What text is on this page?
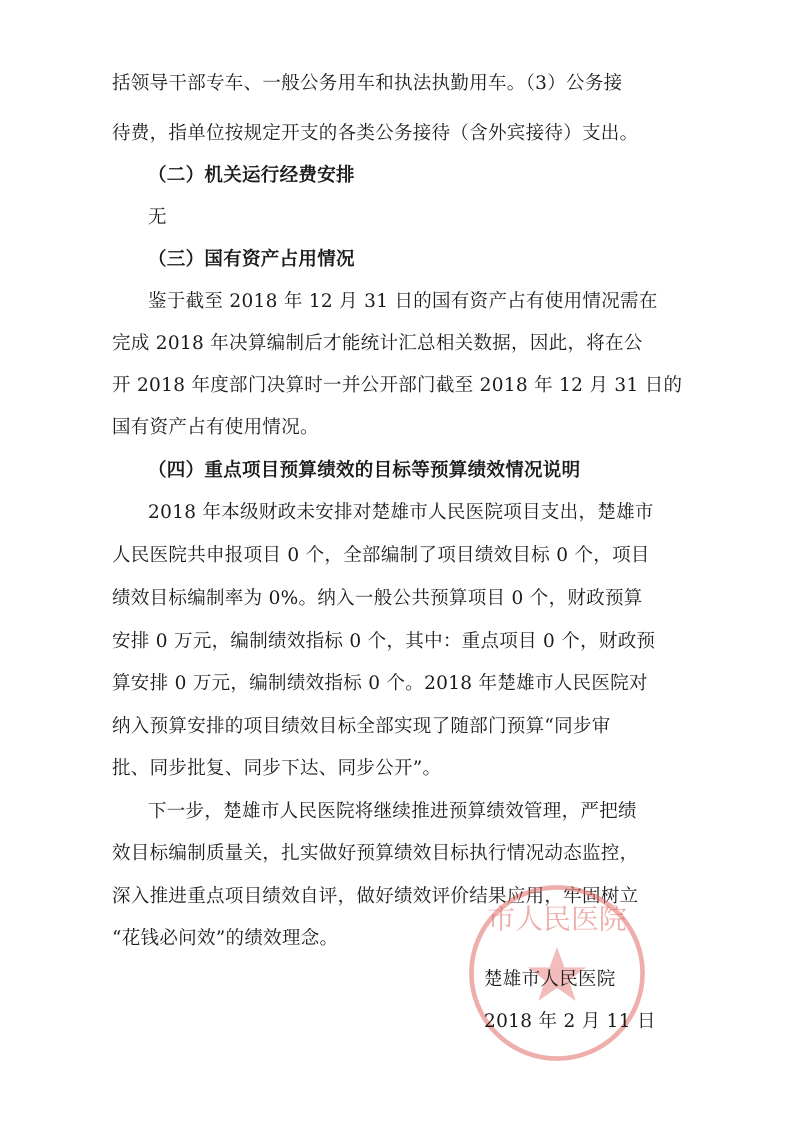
括领导干部专车、一般公务用车和执法执勤用车。（3）公务接
待费，指单位按规定开支的各类公务接待（含外宾接待）支出。
（二）机关运行经费安排
无
（三）国有资产占用情况
鉴于截至 2018 年 12 月 31 日的国有资产占有使用情况需在
完成 2018 年决算编制后才能统计汇总相关数据，因此，将在公
开 2018 年度部门决算时一并公开部门截至 2018 年 12 月 31 日的
国有资产占有使用情况。
（四）重点项目预算绩效的目标等预算绩效情况说明
2018 年本级财政未安排对楚雄市人民医院项目支出，楚雄市
人民医院共申报项目 0 个，全部编制了项目绩效目标 0 个，项目
绩效目标编制率为 0%。纳入一般公共预算项目 0 个，财政预算
安排 0 万元，编制绩效指标 0 个，其中：重点项目 0 个，财政预
算安排 0 万元，编制绩效指标 0 个。2018 年楚雄市人民医院对
纳入预算安排的项目绩效目标全部实现了随部门预算“同步审
批、同步批复、同步下达、同步公开”。
下一步，楚雄市人民医院将继续推进预算绩效管理，严把绩
效目标编制质量关，扎实做好预算绩效目标执行情况动态监控，
深入推进重点项目绩效自评，做好绩效评价结果应用，牢固树立
“花钱必问效”的绩效理念。
市人民医院
楚雄市人民医院
2018 年 2 月 11 日
